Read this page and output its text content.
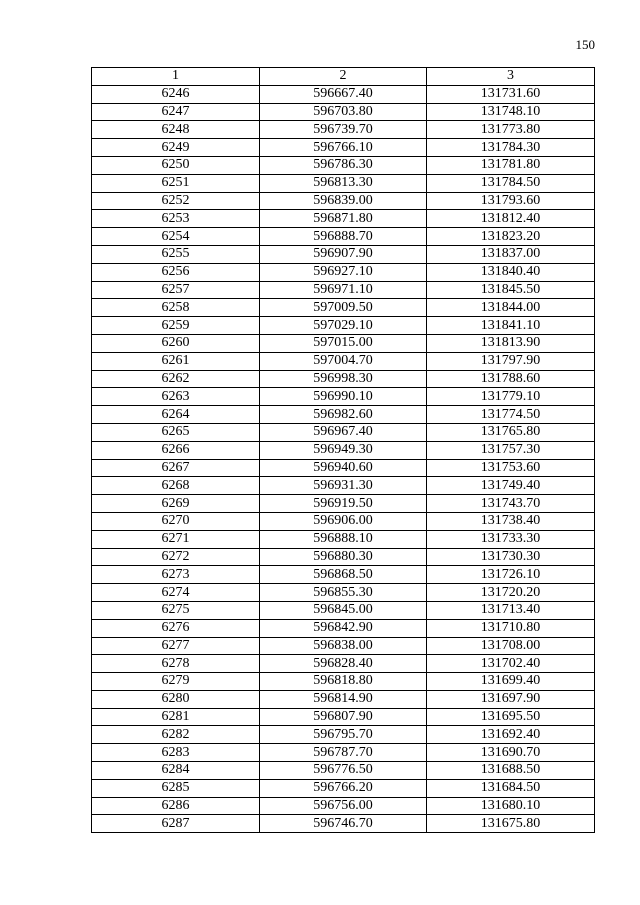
150
1	2	3
6246	596667.40	131731.60
6247	596703.80	131748.10
6248	596739.70	131773.80
6249	596766.10	131784.30
6250	596786.30	131781.80
6251	596813.30	131784.50
6252	596839.00	131793.60
6253	596871.80	131812.40
6254	596888.70	131823.20
6255	596907.90	131837.00
6256	596927.10	131840.40
6257	596971.10	131845.50
6258	597009.50	131844.00
6259	597029.10	131841.10
6260	597015.00	131813.90
6261	597004.70	131797.90
6262	596998.30	131788.60
6263	596990.10	131779.10
6264	596982.60	131774.50
6265	596967.40	131765.80
6266	596949.30	131757.30
6267	596940.60	131753.60
6268	596931.30	131749.40
6269	596919.50	131743.70
6270	596906.00	131738.40
6271	596888.10	131733.30
6272	596880.30	131730.30
6273	596868.50	131726.10
6274	596855.30	131720.20
6275	596845.00	131713.40
6276	596842.90	131710.80
6277	596838.00	131708.00
6278	596828.40	131702.40
6279	596818.80	131699.40
6280	596814.90	131697.90
6281	596807.90	131695.50
6282	596795.70	131692.40
6283	596787.70	131690.70
6284	596776.50	131688.50
6285	596766.20	131684.50
6286	596756.00	131680.10
6287	596746.70	131675.80
